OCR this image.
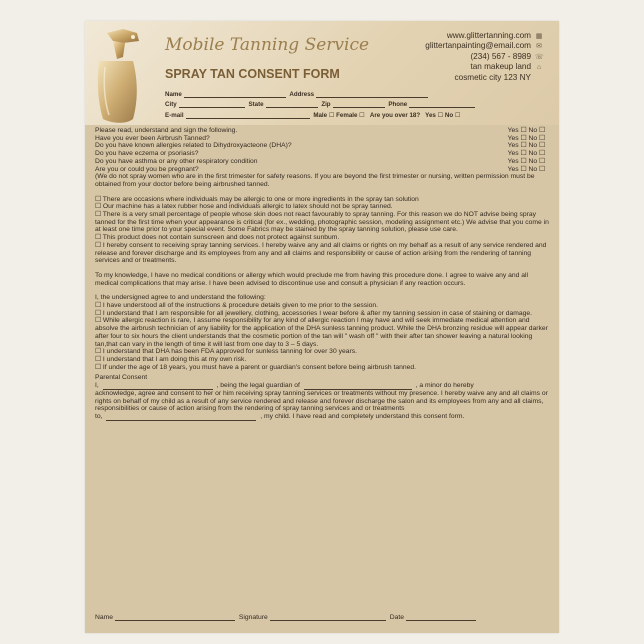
Mobile Tanning Service
SPRAY TAN CONSENT FORM
www.glittertanning.com ▦
glittertanpainting@email.com ✉
(234) 567 - 8989 ☏
tan makeup land ⌂
cosmetic city 123 NY
Name	Address
City	State	Zip	Phone
E-mail	Male ☐ Female ☐ Are you over 18? Yes ☐ No ☐
Please read, understand and sign the following.	Yes ☐ No ☐
Have you ever been Airbrush Tanned?	Yes ☐ No ☐
Do you have known allergies related to Dihydroxyacteone (DHA)?	Yes ☐ No ☐
Do you have eczema or psoriasis?	Yes ☐ No ☐
Do you have asthma or any other respiratory condition	Yes ☐ No ☐
Are you or could you be pregnant?	Yes ☐ No ☐
(We do not spray women who are in the first trimester for safety reasons. If you are beyond the first trimester or nursing, written permission must be obtained from your doctor before being airbrushed tanned.
☐ There are occasions where individuals may be allergic to one or more ingredients in the spray tan solution
☐ Our machine has a latex rubber hose and individuals allergic to latex should not be spray tanned.
☐ There is a very small percentage of people whose skin does not react favourably to spray tanning. For this reason we do NOT advise being spray tanned for the first time when your appearance is critical (for ex., wedding, photographic session, modeling assignment etc.) We advise that you come in at least one time prior to your special event. Some Fabrics may be stained by the spray tanning solution, please use care.
☐ This product does not contain sunscreen and does not protect against sunbum.
☐ I hereby consent to receiving spray tanning services. I hereby waive any and all claims or rights on my behalf as a result of any service rendered and release and forever discharge and its employees from any and all claims and responsibility or cause of action arising from the rendering of tanning services and or treatments.
To my knowledge, I have no medical conditions or allergy which would preclude me from having this procedure done. I agree to waive any and all medical complications that may arise. I have been advised to discontinue use and consult a physician if any reaction occurs.
I, the undersigned agree to and understand the following:
☐ I have understood all of the instructions & procedure details given to me prior to the session.
☐ I understand that I am responsible for all jewellery, clothing, accessories I wear before & after my tanning session in case of staining or damage.
☐ While allergic reaction is rare, I assume responsibility for any kind of allergic reaction I may have and will seek immediate medical attention and absolve the airbrush technician of any liability for the application of the DHA sunless tanning product. While the DHA bronzing residue will appear darker after four to six hours the client understands that the cosmetic portion of the tan will " wash off " with their after tan shower leaving a natural looking tan,that can vary in the length of time it will last from one day to 3 – 5 days.
☐ I understand that DHA has been FDA approved for sunless tanning for over 30 years.
☐ I understand that I am doing this at my own risk.
☐ If under the age of 18 years, you must have a parent or guardian's consent before being airbrush tanned.
Parental Consent
I,	, being the legal guardian of	, a minor do hereby
acknowledge, agree and consent to her or him receiving spray tanning services or treatments without my presence. I hereby waive any and all claims or rights on behalf of my child as a result of any service rendered and release and forever discharge the salon and its employees from any and all claims, responsibilities or cause of action arising from the rendering of spray tanning services and or treatments
to,	, my child. I have read and completely understand this consent form.
Name	Signature	Date
